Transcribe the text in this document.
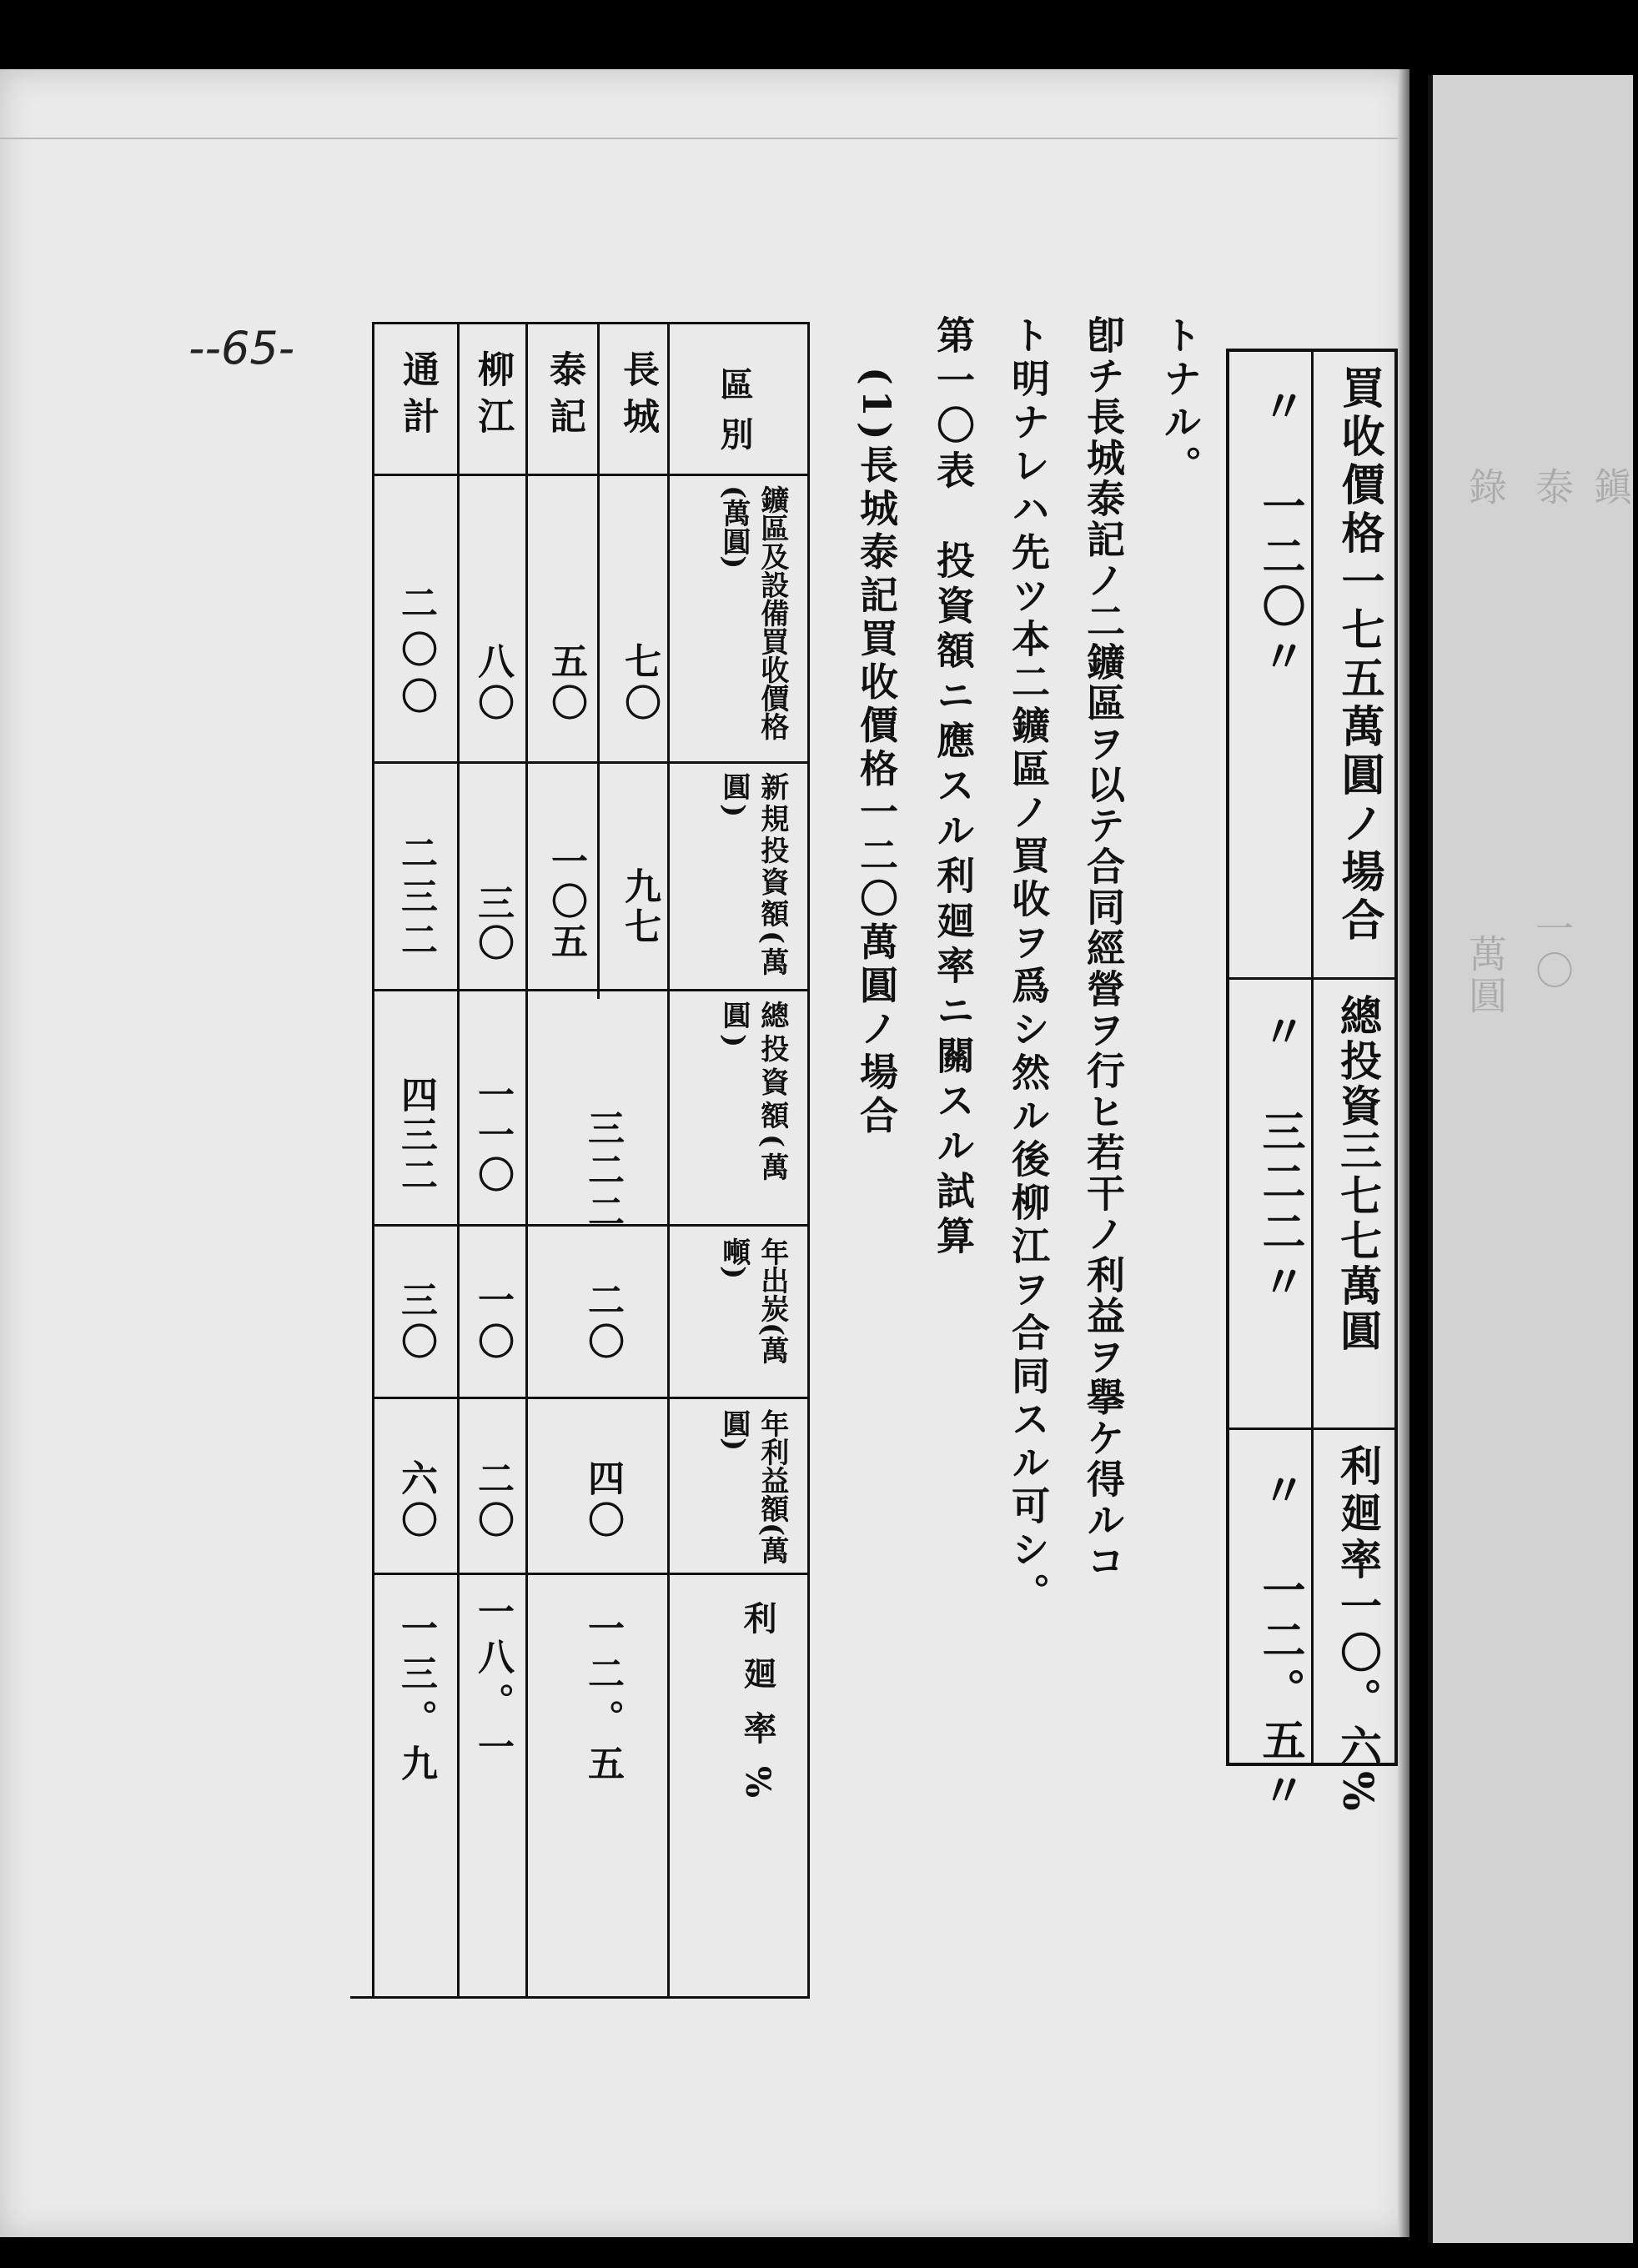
錄 泰 鎭
一〇
萬圓
--65-
買收價格一七五萬圓ノ場合
〃　一二〇〃
總投資三七七萬圓
〃　三二二〃
利廻率一〇。六%
〃　一二。五〃
トナル。
卽チ長城泰記ノ二鑛區ヲ以テ合同經營ヲ行ヒ若干ノ利益ヲ擧ケ得ルコ
ト明ナレハ先ツ本二鑛區ノ買收ヲ爲シ然ル後柳江ヲ合同スル可シ。
第一〇表　投資額ニ應スル利廻率ニ關スル試算
(1)長城泰記買收價格一二〇萬圓ノ場合
區別
長城
泰記
柳江
通計
鑛區及設備買收價格(萬圓)
七〇
五〇
八〇
二〇〇
新規投資額(萬圓)
九七
一〇五
三〇
二三二
總投資額(萬圓)
三二二
一一〇
四三二
年出炭(萬噸)
二〇
一〇
三〇
年利益額(萬圓)
四〇
二〇
六〇
利廻率%
一二。五
一八。一
一三。九
